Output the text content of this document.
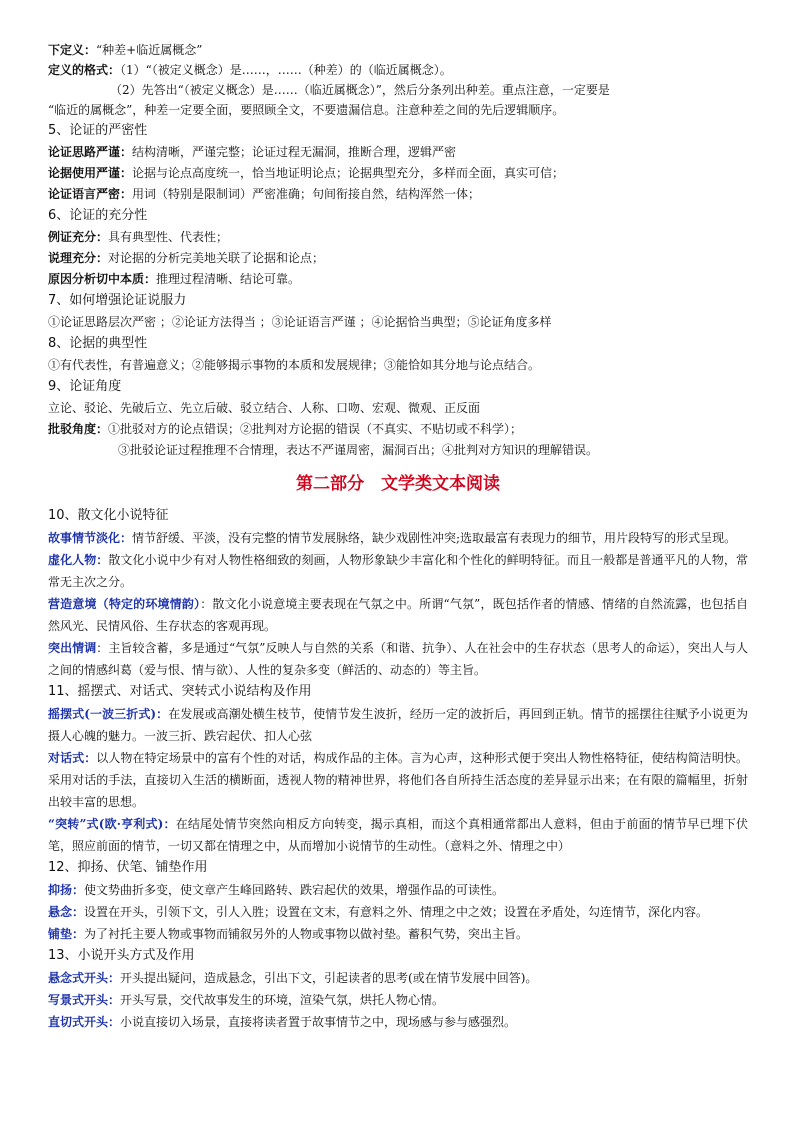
下定义：“种差+临近属概念”
定义的格式：（1）“（被定义概念）是……，……（种差）的（临近属概念）。
（2）先答出“（被定义概念）是……（临近属概念）”，然后分条列出种差。重点注意，一定要是
“临近的属概念”，种差一定要全面，要照顾全文，不要遗漏信息。注意种差之间的先后逻辑顺序。
5、论证的严密性
论证思路严谨：结构清晰，严谨完整；论证过程无漏洞，推断合理，逻辑严密
论据使用严谨：论据与论点高度统一，恰当地证明论点；论据典型充分，多样而全面，真实可信；
论证语言严密：用词（特别是限制词）严密准确；句间衔接自然，结构浑然一体；
6、论证的充分性
例证充分：具有典型性、代表性；
说理充分：对论据的分析完美地关联了论据和论点；
原因分析切中本质：推理过程清晰、结论可靠。
7、如何增强论证说服力
①论证思路层次严密 ；②论证方法得当 ；③论证语言严谨 ；④论据恰当典型；⑤论证角度多样
8、论据的典型性
①有代表性，有普遍意义；②能够揭示事物的本质和发展规律；③能恰如其分地与论点结合。
9、论证角度
立论、驳论、先破后立、先立后破、驳立结合、人称、口吻、宏观、微观、正反面
批驳角度：①批驳对方的论点错误；②批判对方论据的错误（不真实、不贴切或不科学）；
③批驳论证过程推理不合情理，表达不严谨周密，漏洞百出；④批判对方知识的理解错误。
第二部分　文学类文本阅读
10、散文化小说特征
故事情节淡化：情节舒缓、平淡，没有完整的情节发展脉络，缺少戏剧性冲突;选取最富有表现力的细节，用片段特写的形式呈现。
虚化人物：散文化小说中少有对人物性格细致的刻画，人物形象缺少丰富化和个性化的鲜明特征。而且一般都是普通平凡的人物，常常无主次之分。
营造意境（特定的环境情韵）：散文化小说意境主要表现在气氛之中。所谓“气氛”，既包括作者的情感、情绪的自然流露，也包括自然风光、民情风俗、生存状态的客观再现。
突出情调：主旨较含蓄，多是通过“气氛”反映人与自然的关系（和谐、抗争）、人在社会中的生存状态（思考人的命运），突出人与人之间的情感纠葛（爱与恨、情与欲）、人性的复杂多变（鲜活的、动态的）等主旨。
11、摇摆式、对话式、突转式小说结构及作用
摇摆式(一波三折式)：在发展或高潮处横生枝节，使情节发生波折，经历一定的波折后，再回到正轨。情节的摇摆往往赋予小说更为摄人心魄的魅力。一波三折、跌宕起伏、扣人心弦
对话式：以人物在特定场景中的富有个性的对话，构成作品的主体。言为心声，这种形式便于突出人物性格特征，使结构简洁明快。采用对话的手法，直接切入生活的横断面，透视人物的精神世界，将他们各自所持生活态度的差异显示出来；在有限的篇幅里，折射出较丰富的思想。
“突转”式(欧·亨利式)：在结尾处情节突然向相反方向转变，揭示真相，而这个真相通常都出人意料，但由于前面的情节早已埋下伏笔，照应前面的情节，一切又都在情理之中，从而增加小说情节的生动性。（意料之外、情理之中）
12、抑扬、伏笔、铺垫作用
抑扬：使文势曲折多变，使文章产生峰回路转、跌宕起伏的效果，增强作品的可读性。
悬念：设置在开头，引领下文，引人入胜；设置在文末，有意料之外、情理之中之效；设置在矛盾处，勾连情节，深化内容。
铺垫：为了衬托主要人物或事物而铺叙另外的人物或事物以做衬垫。蓄积气势，突出主旨。
13、小说开头方式及作用
悬念式开头：开头提出疑问，造成悬念，引出下文，引起读者的思考(或在情节发展中回答)。
写景式开头：开头写景，交代故事发生的环境，渲染气氛，烘托人物心情。
直切式开头：小说直接切入场景，直接将读者置于故事情节之中，现场感与参与感强烈。
